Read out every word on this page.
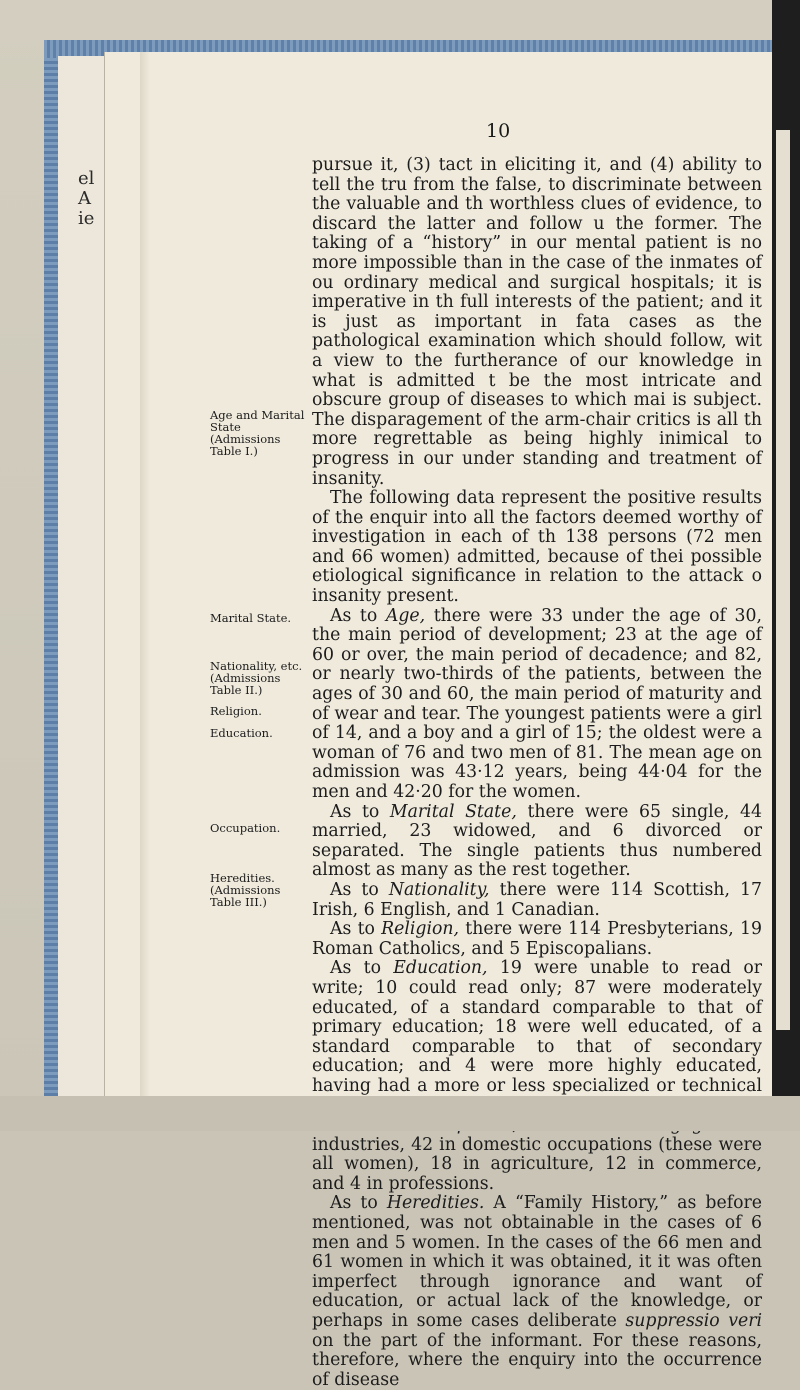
el
A
ie
10
Age and Marital State (Admissions Table I.)
Marital State.
Nationality, etc. (Admissions Table II.)
Religion.
Education.
Occupation.
Heredities. (Admissions Table III.)

pursue it, (3) tact in eliciting it, and (4) ability to tell the tru from the false, to discriminate between the valuable and th worthless clues of evidence, to discard the latter and follow u the former. The taking of a “history” in our mental patient is no more impossible than in the case of the inmates of ou ordinary medical and surgical hospitals; it is imperative in th full interests of the patient; and it is just as important in fata cases as the pathological examination which should follow, wit a view to the furtherance of our knowledge in what is admitted t be the most intricate and obscure group of diseases to which mai is subject. The disparagement of the arm-chair critics is all th more regrettable as being highly inimical to progress in our under standing and treatment of insanity.

The following data represent the positive results of the enquir into all the factors deemed worthy of investigation in each of th 138 persons (72 men and 66 women) admitted, because of thei possible etiological significance in relation to the attack o insanity present.

As to Age, there were 33 under the age of 30, the main period of development; 23 at the age of 60 or over, the main period of decadence; and 82, or nearly two-thirds of the patients, between the ages of 30 and 60, the main period of maturity and of wear and tear. The youngest patients were a girl of 14, and a boy and a girl of 15; the oldest were a woman of 76 and two men of 81. The mean age on admission was 43·12 years, being 44·04 for the men and 42·20 for the women.

As to Marital State, there were 65 single, 44 married, 23 widowed, and 6 divorced or separated. The single patients thus numbered almost as many as the rest together.

As to Nationality, there were 114 Scottish, 17 Irish, 6 English, and 1 Canadian.

As to Religion, there were 114 Presbyterians, 19 Roman Catholics, and 5 Episcopalians.

As to Education, 19 were unable to read or write; 10 could read only; 87 were moderately educated, of a standard comparable to that of primary education; 18 were well educated, of a standard comparable to that of secondary education; and 4 were more highly educated, having had a more or less specialized or technical

industries, 42 in domestic occupations (these were all women), 18 in agriculture, 12 in commerce, and 4 in professions.

As to Heredities. A “Family History,” as before mentioned, was not obtainable in the cases of 6 men and 5 women. In the cases of the 66 men and 61 women in which it was obtained, it it was often imperfect through ignorance and want of education, or actual lack of the knowledge, or perhaps in some cases deliberate suppressio veri on the part of the informant. For these reasons, therefore, where the enquiry into the occurrence of disease
